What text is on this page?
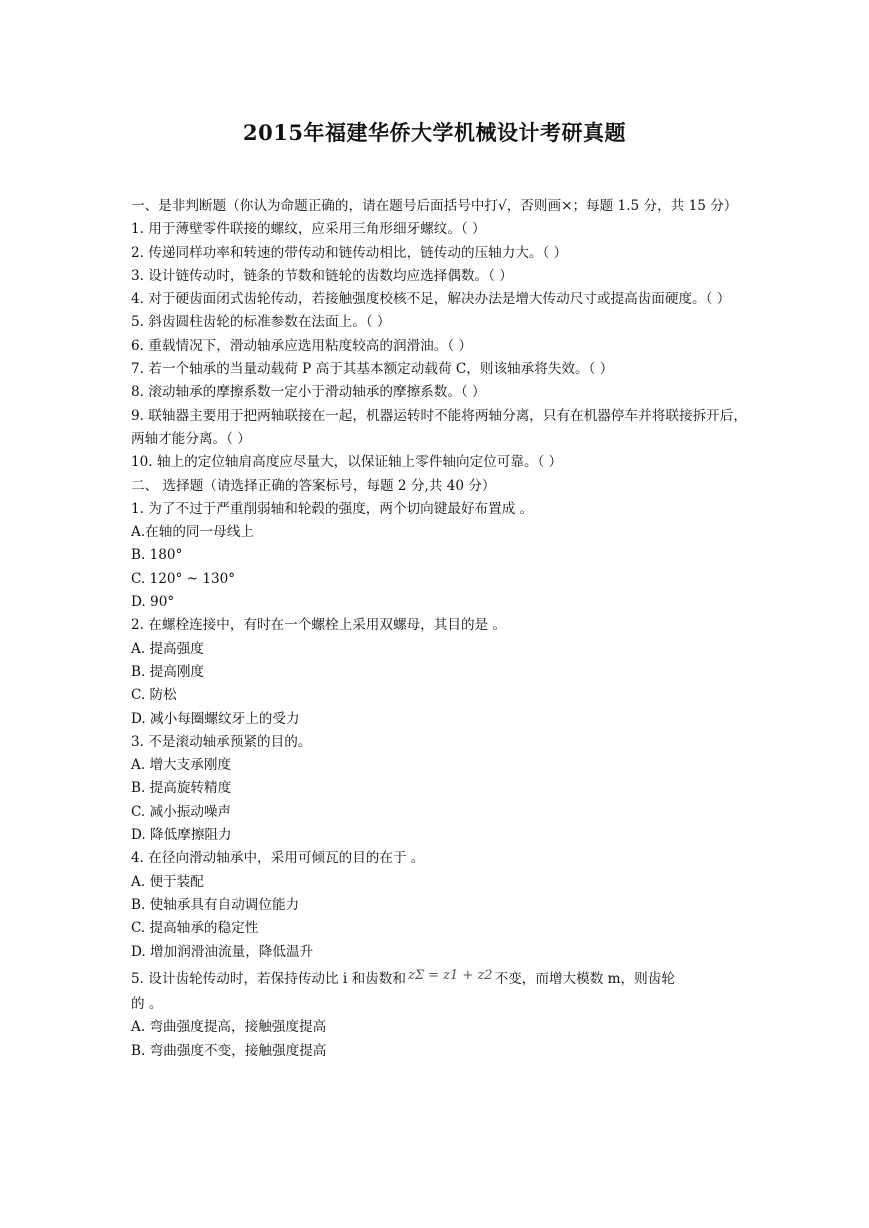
2015年福建华侨大学机械设计考研真题
一、是非判断题（你认为命题正确的，请在题号后面括号中打√，否则画×；每题 1.5 分，共 15 分）
1. 用于薄壁零件联接的螺纹，应采用三角形细牙螺纹。（ ）
2. 传递同样功率和转速的带传动和链传动相比，链传动的压轴力大。（ ）
3. 设计链传动时，链条的节数和链轮的齿数均应选择偶数。（ ）
4. 对于硬齿面闭式齿轮传动，若接触强度校核不足，解决办法是增大传动尺寸或提高齿面硬度。（ ）
5. 斜齿圆柱齿轮的标准参数在法面上。（ ）
6. 重载情况下，滑动轴承应选用粘度较高的润滑油。（ ）
7. 若一个轴承的当量动载荷 P 高于其基本额定动载荷 C，则该轴承将失效。（ ）
8. 滚动轴承的摩擦系数一定小于滑动轴承的摩擦系数。（ ）
9. 联轴器主要用于把两轴联接在一起，机器运转时不能将两轴分离，只有在机器停车并将联接拆开后，两轴才能分离。（ ）
10. 轴上的定位轴肩高度应尽量大，以保证轴上零件轴向定位可靠。（ ）
二、 选择题（请选择正确的答案标号，每题 2 分,共 40 分）
1. 为了不过于严重削弱轴和轮毂的强度，两个切向键最好布置成 。
A.在轴的同一母线上
B. 180°
C. 120° ~ 130°
D. 90°
2. 在螺栓连接中，有时在一个螺栓上采用双螺母，其目的是 。
A. 提高强度
B. 提高刚度
C. 防松
D. 减小每圈螺纹牙上的受力
3. 不是滚动轴承预紧的目的。
A. 增大支承刚度
B. 提高旋转精度
C. 减小振动噪声
D. 降低摩擦阻力
4. 在径向滑动轴承中，采用可倾瓦的目的在于 。
A. 便于装配
B. 使轴承具有自动调位能力
C. 提高轴承的稳定性
D. 增加润滑油流量，降低温升
5. 设计齿轮传动时，若保持传动比 i 和齿数和 zΣ = z1 + z2 不变，而增大模数 m，则齿轮
的 。
A. 弯曲强度提高，接触强度提高
B. 弯曲强度不变，接触强度提高
